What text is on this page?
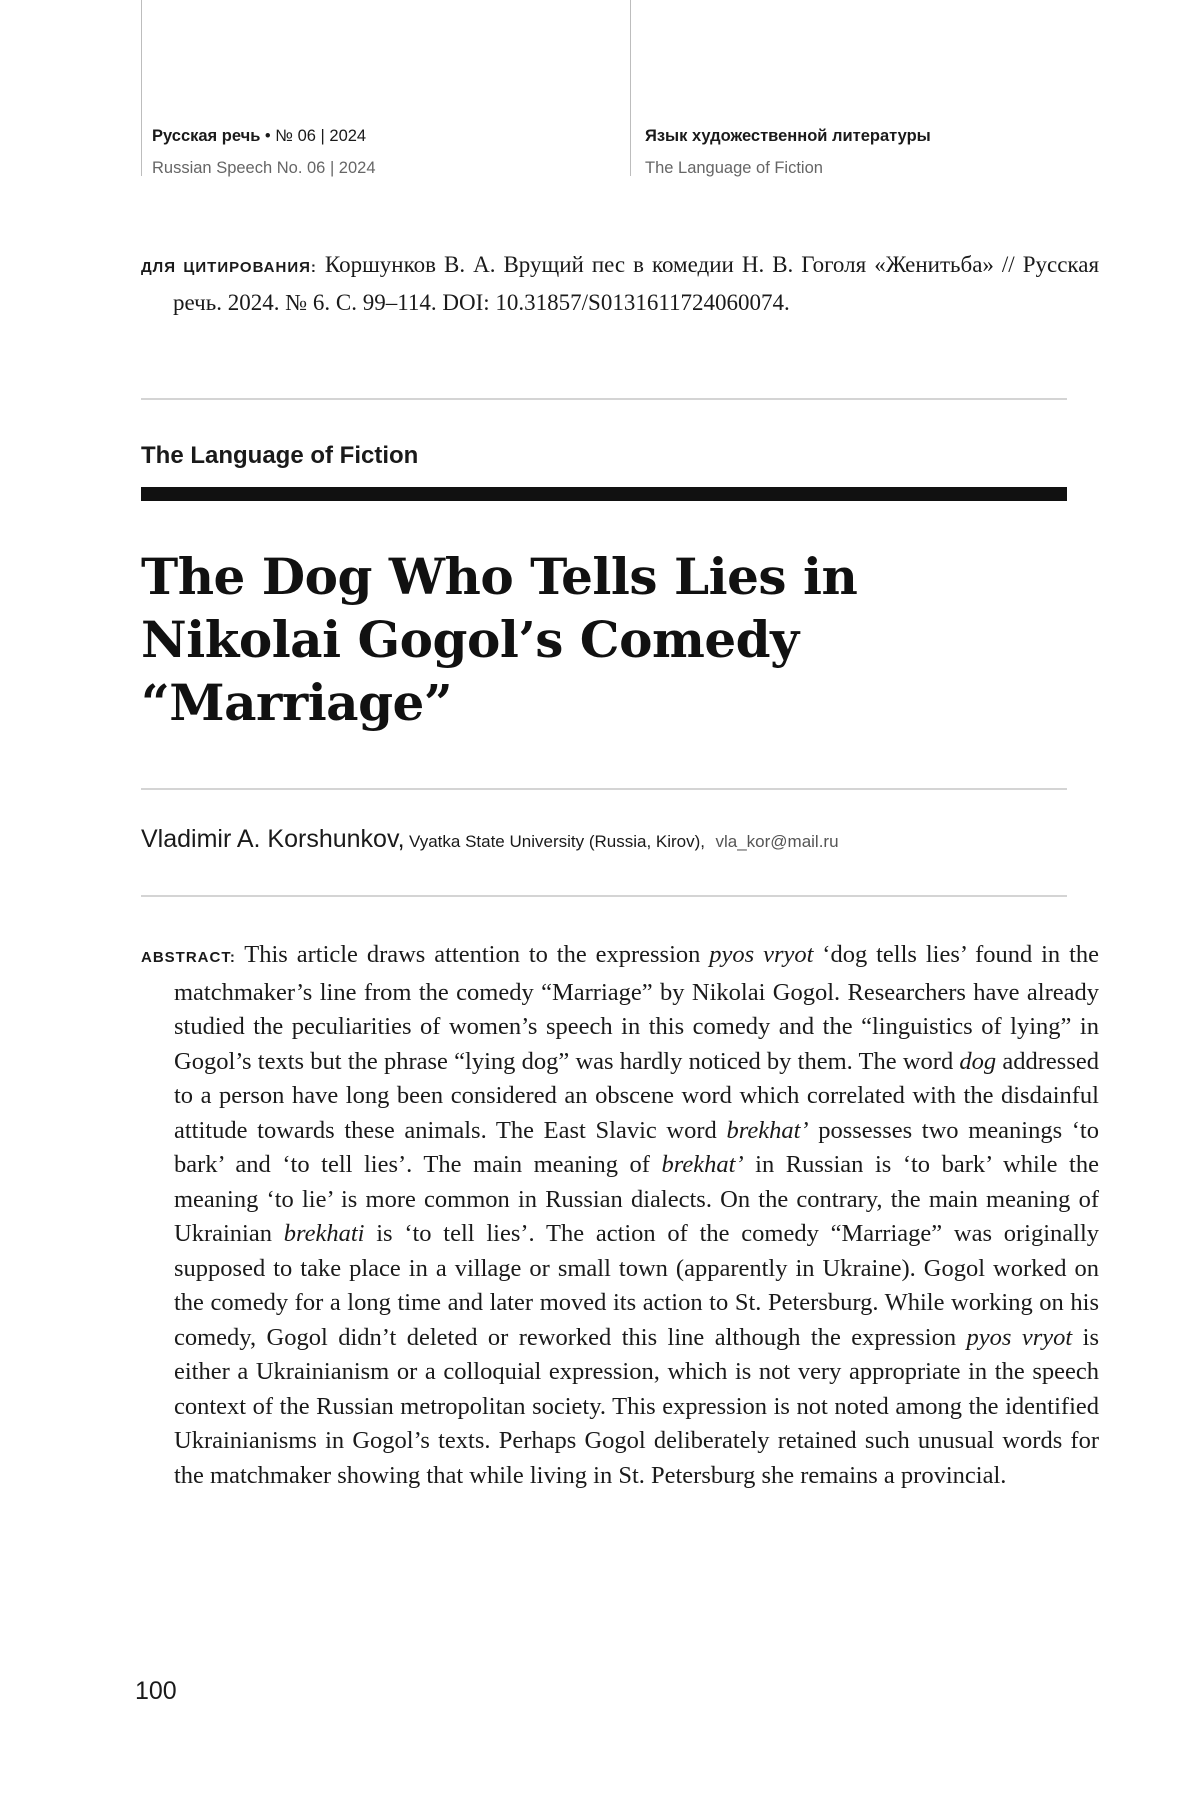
Русская речь • № 06 | 2024
Russian Speech No. 06 | 2024
Язык художественной литературы
The Language of Fiction
ДЛЯ ЦИТИРОВАНИЯ: Коршунков В. А. Врущий пес в комедии Н. В. Гоголя «Женитьба» // Русская речь. 2024. № 6. С. 99–114. DOI: 10.31857/S0131611724060074.
The Language of Fiction
The Dog Who Tells Lies in Nikolai Gogol’s Comedy “Marriage”
Vladimir A. Korshunkov, Vyatka State University (Russia, Kirov), vla_kor@mail.ru
ABSTRACT: This article draws attention to the expression pyos vryot ‘dog tells lies’ found in the matchmaker’s line from the comedy “Marriage” by Nikolai Gogol. Researchers have already studied the peculiarities of women’s speech in this comedy and the “linguistics of lying” in Gogol’s texts but the phrase “lying dog” was hardly noticed by them. The word dog addressed to a person have long been considered an obscene word which correlated with the disdainful attitude towards these animals. The East Slavic word brekhat’ possesses two meanings ‘to bark’ and ‘to tell lies’. The main meaning of brekhat’ in Russian is ‘to bark’ while the meaning ‘to lie’ is more common in Russian dialects. On the contrary, the main meaning of Ukrainian brekhati is ‘to tell lies’. The action of the comedy “Marriage” was originally supposed to take place in a village or small town (apparently in Ukraine). Gogol worked on the comedy for a long time and later moved its action to St. Petersburg. While working on his comedy, Gogol didn’t deleted or reworked this line although the expression pyos vryot is either a Ukrainianism or a colloquial expression, which is not very appropriate in the speech context of the Russian metropolitan society. This expression is not noted among the identified Ukrainianisms in Gogol’s texts. Perhaps Gogol deliberately retained such unusual words for the matchmaker showing that while living in St. Petersburg she remains a provincial.
100
